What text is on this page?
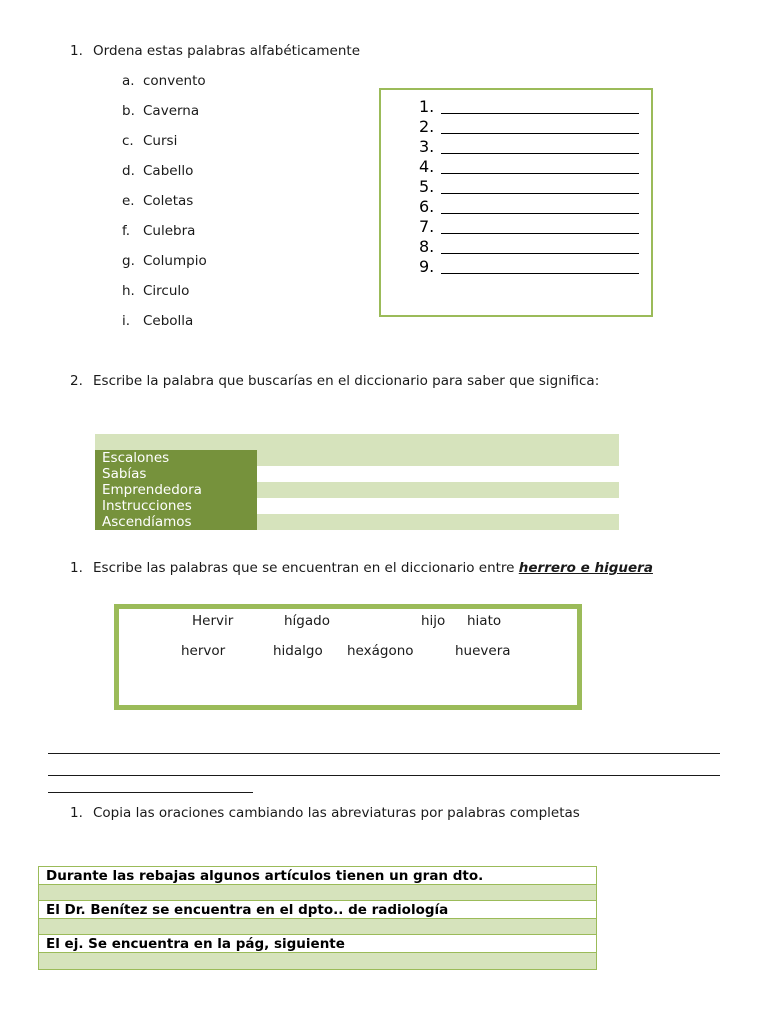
1. Ordena estas palabras alfabéticamente
a. convento
b. Caverna
c. Cursi
d. Cabello
e. Coletas
f. Culebra
g. Columpio
h. Circulo
i. Cebolla
1.
2.
3.
4.
5.
6.
7.
8.
9.
2. Escribe la palabra que buscarías en el diccionario para saber que significa:
Escalones
Sabías
Emprendedora
Instrucciones
Ascendíamos
1. Escribe las palabras que se encuentran en el diccionario entre herrero e higuera
Hervir	hígado	hijo hiato
hervor	hidalgo hexágono	huevera
1. Copia las oraciones cambiando las abreviaturas por palabras completas
Durante las rebajas algunos artículos tienen un gran dto.
El Dr. Benítez se encuentra en el dpto.. de radiología
El ej. Se encuentra en la pág, siguiente
